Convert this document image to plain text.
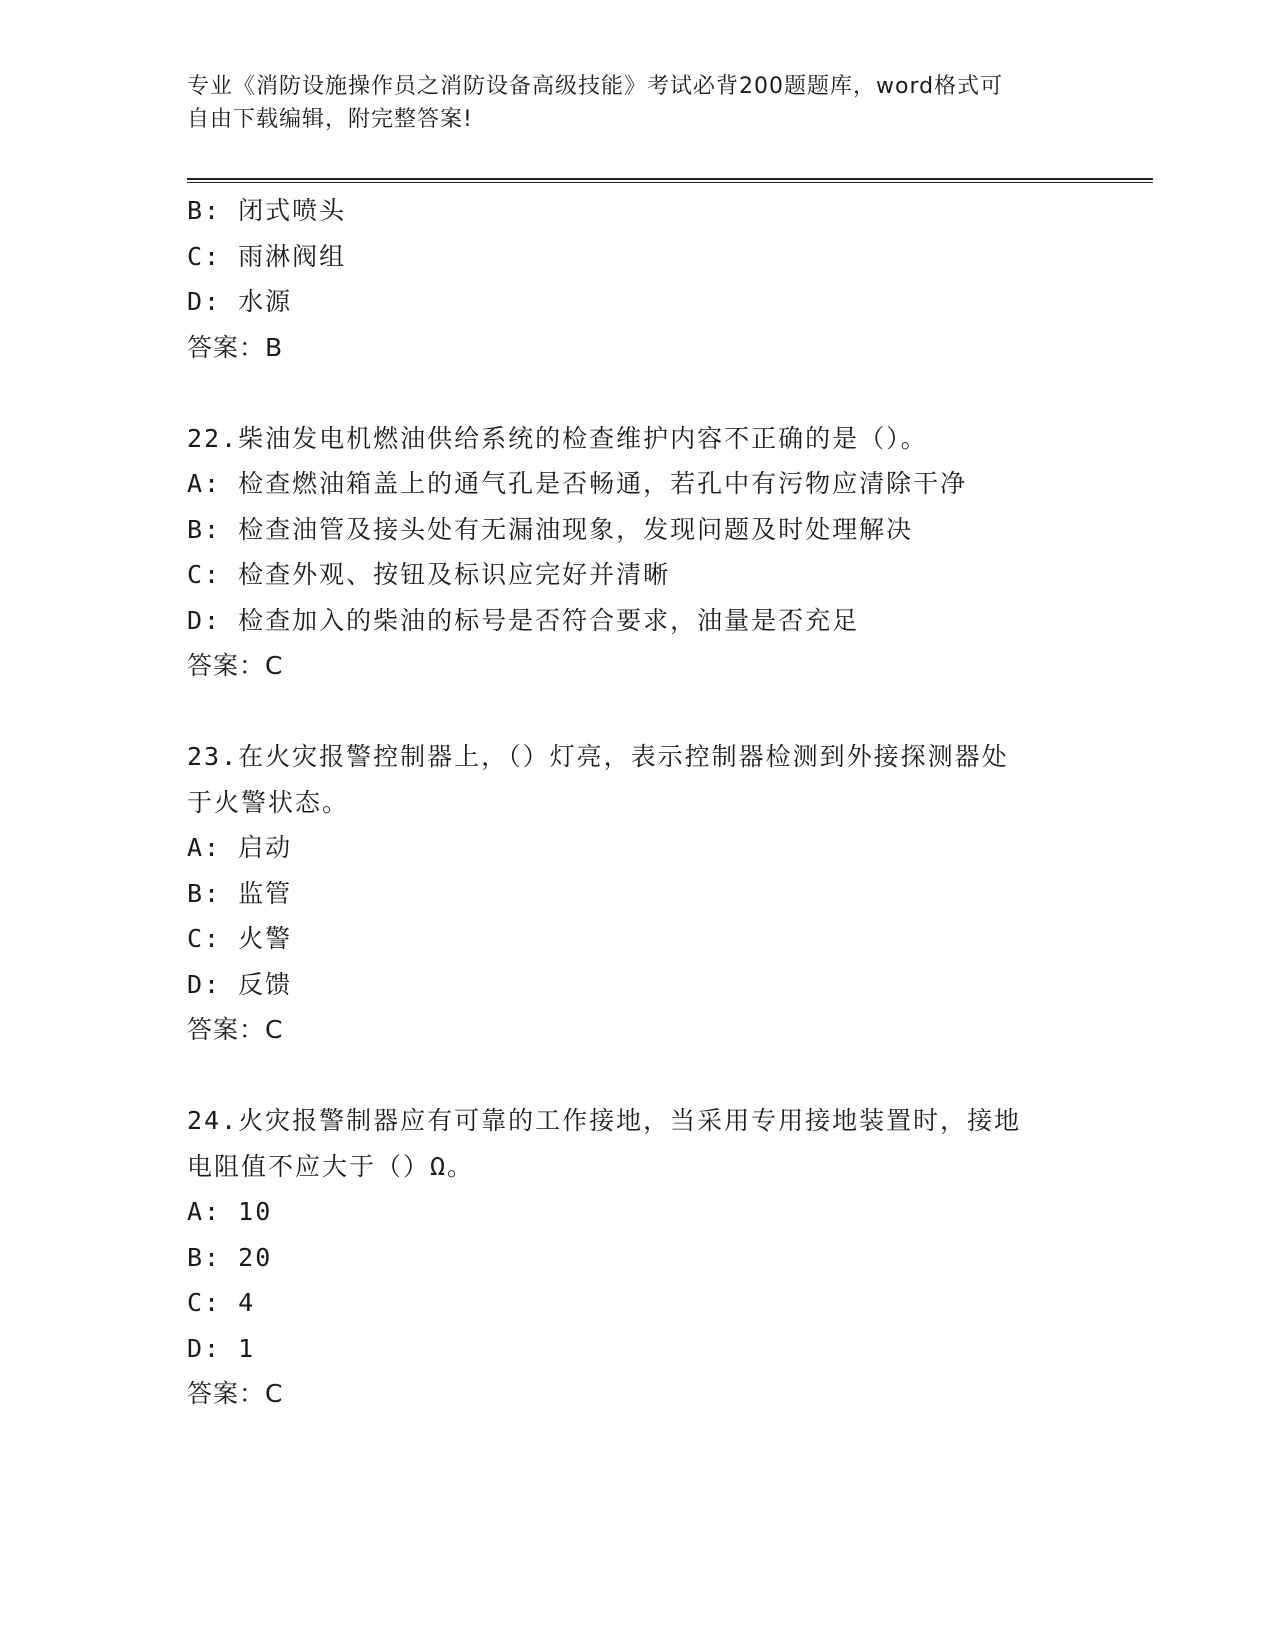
专业《消防设施操作员之消防设备高级技能》考试必背200题题库，word格式可
自由下载编辑，附完整答案!
B: 闭式喷头
C: 雨淋阀组
D: 水源
答案：B
22.柴油发电机燃油供给系统的检查维护内容不正确的是（）。
A: 检查燃油箱盖上的通气孔是否畅通，若孔中有污物应清除干净
B: 检查油管及接头处有无漏油现象，发现问题及时处理解决
C: 检查外观、按钮及标识应完好并清晰
D: 检查加入的柴油的标号是否符合要求，油量是否充足
答案：C
23.在火灾报警控制器上，（）灯亮，表示控制器检测到外接探测器处
于火警状态。
A: 启动
B: 监管
C: 火警
D: 反馈
答案：C
24.火灾报警制器应有可靠的工作接地，当采用专用接地装置时，接地
电阻值不应大于（）Ω。
A: 10
B: 20
C: 4
D: 1
答案：C
